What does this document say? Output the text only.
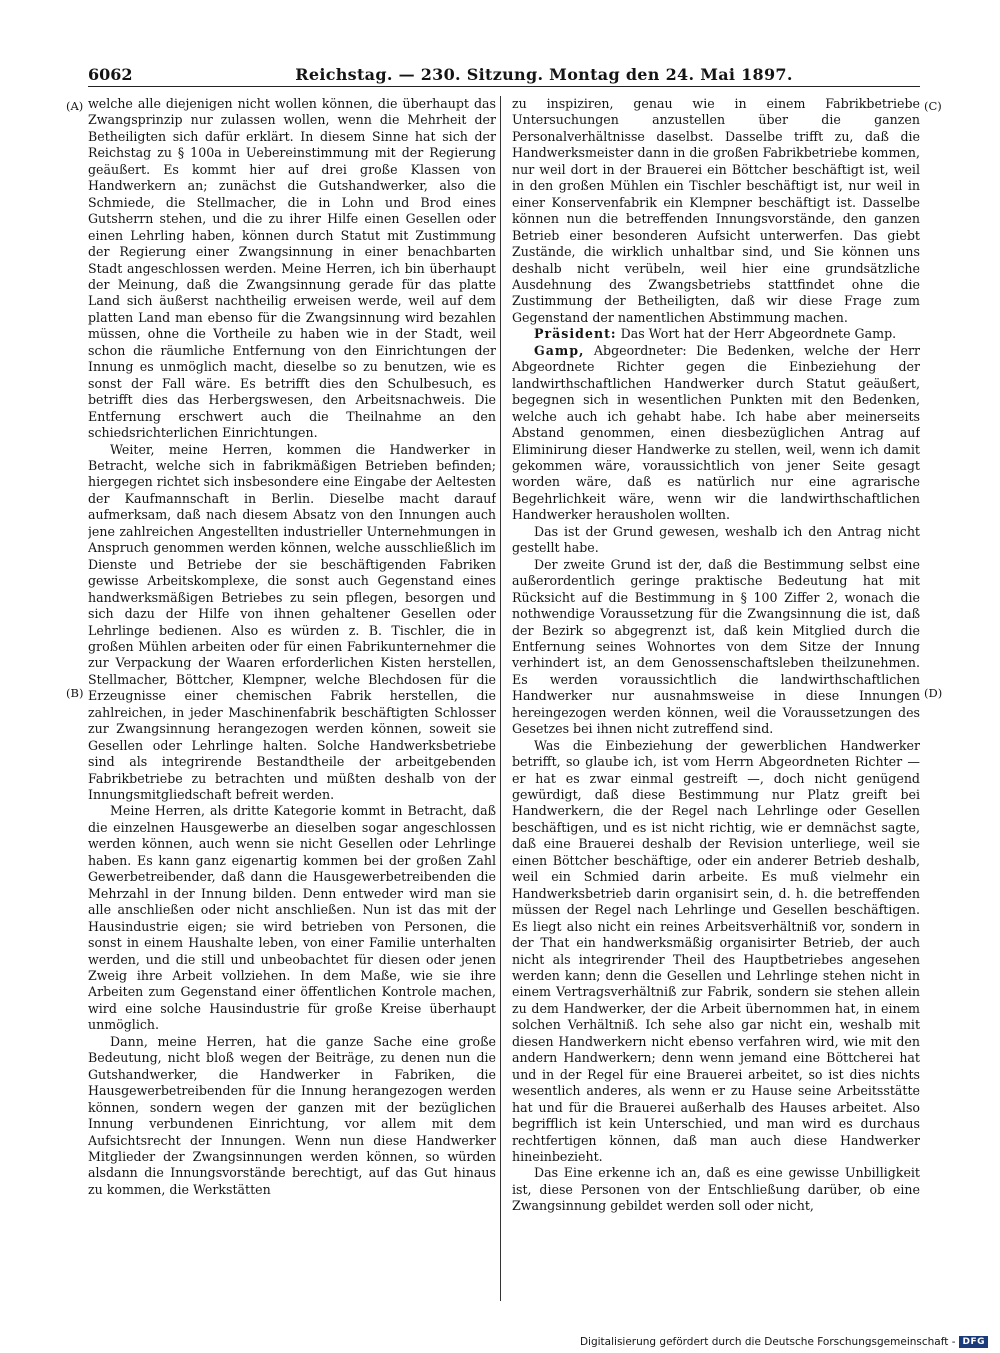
6062	Reichstag. — 230. Sitzung. Montag den 24. Mai 1897.
(A)
(B)
(C)
(D)

welche alle diejenigen nicht wollen können, die überhaupt das Zwangsprinzip nur zulassen wollen, wenn die Mehrheit der Betheiligten sich dafür erklärt. In diesem Sinne hat sich der Reichstag zu § 100a in Uebereinstimmung mit der Regierung geäußert. Es kommt hier auf drei große Klassen von Handwerkern an; zunächst die Gutshandwerker, also die Schmiede, die Stellmacher, die in Lohn und Brod eines Gutsherrn stehen, und die zu ihrer Hilfe einen Gesellen oder einen Lehrling haben, können durch Statut mit Zustimmung der Regierung einer Zwangsinnung in einer benachbarten Stadt angeschlossen werden. Meine Herren, ich bin überhaupt der Meinung, daß die Zwangsinnung gerade für das platte Land sich äußerst nachtheilig erweisen werde, weil auf dem platten Land man ebenso für die Zwangsinnung wird bezahlen müssen, ohne die Vortheile zu haben wie in der Stadt, weil schon die räumliche Entfernung von den Einrichtungen der Innung es unmöglich macht, dieselbe so zu benutzen, wie es sonst der Fall wäre. Es betrifft dies den Schulbesuch, es betrifft dies das Herbergswesen, den Arbeitsnachweis. Die Entfernung erschwert auch die Theilnahme an den schiedsrichterlichen Einrichtungen.

Weiter, meine Herren, kommen die Handwerker in Betracht, welche sich in fabrikmäßigen Betrieben befinden; hiergegen richtet sich insbesondere eine Eingabe der Aeltesten der Kaufmannschaft in Berlin. Dieselbe macht darauf aufmerksam, daß nach diesem Absatz von den Innungen auch jene zahlreichen Angestellten industrieller Unternehmungen in Anspruch genommen werden können, welche ausschließlich im Dienste und Betriebe der sie beschäftigenden Fabriken gewisse Arbeitskomplexe, die sonst auch Gegenstand eines handwerksmäßigen Betriebes zu sein pflegen, besorgen und sich dazu der Hilfe von ihnen gehaltener Gesellen oder Lehrlinge bedienen. Also es würden z. B. Tischler, die in großen Mühlen arbeiten oder für einen Fabrikunternehmer die zur Verpackung der Waaren erforderlichen Kisten herstellen, Stellmacher, Böttcher, Klempner, welche Blechdosen für die Erzeugnisse einer chemischen Fabrik herstellen, die zahlreichen, in jeder Maschinenfabrik beschäftigten Schlosser zur Zwangsinnung herangezogen werden können, soweit sie Gesellen oder Lehrlinge halten. Solche Handwerksbetriebe sind als integrirende Bestandtheile der arbeitgebenden Fabrikbetriebe zu betrachten und müßten deshalb von der Innungsmitgliedschaft befreit werden.

Meine Herren, als dritte Kategorie kommt in Betracht, daß die einzelnen Hausgewerbe an dieselben sogar angeschlossen werden können, auch wenn sie nicht Gesellen oder Lehrlinge haben. Es kann ganz eigenartig kommen bei der großen Zahl Gewerbetreibender, daß dann die Hausgewerbetreibenden die Mehrzahl in der Innung bilden. Denn entweder wird man sie alle anschließen oder nicht anschließen. Nun ist das mit der Hausindustrie eigen; sie wird betrieben von Personen, die sonst in einem Haushalte leben, von einer Familie unterhalten werden, und die still und unbeobachtet für diesen oder jenen Zweig ihre Arbeit vollziehen. In dem Maße, wie sie ihre Arbeiten zum Gegenstand einer öffentlichen Kontrole machen, wird eine solche Hausindustrie für große Kreise überhaupt unmöglich.

Dann, meine Herren, hat die ganze Sache eine große Bedeutung, nicht bloß wegen der Beiträge, zu denen nun die Gutshandwerker, die Handwerker in Fabriken, die Hausgewerbetreibenden für die Innung herangezogen werden können, sondern wegen der ganzen mit der bezüglichen Innung verbundenen Einrichtung, vor allem mit dem Aufsichtsrecht der Innungen. Wenn nun diese Handwerker Mitglieder der Zwangsinnungen werden können, so würden alsdann die Innungsvorstände berechtigt, auf das Gut hinaus zu kommen, die Werkstätten

zu inspiziren, genau wie in einem Fabrikbetriebe Untersuchungen anzustellen über die ganzen Personalverhältnisse daselbst. Dasselbe trifft zu, daß die Handwerksmeister dann in die großen Fabrikbetriebe kommen, nur weil dort in der Brauerei ein Böttcher beschäftigt ist, weil in den großen Mühlen ein Tischler beschäftigt ist, nur weil in einer Konservenfabrik ein Klempner beschäftigt ist. Dasselbe können nun die betreffenden Innungsvorstände, den ganzen Betrieb einer besonderen Aufsicht unterwerfen. Das giebt Zustände, die wirklich unhaltbar sind, und Sie können uns deshalb nicht verübeln, weil hier eine grundsätzliche Ausdehnung des Zwangsbetriebs stattfindet ohne die Zustimmung der Betheiligten, daß wir diese Frage zum Gegenstand der namentlichen Abstimmung machen.

Präsident: Das Wort hat der Herr Abgeordnete Gamp.

Gamp, Abgeordneter: Die Bedenken, welche der Herr Abgeordnete Richter gegen die Einbeziehung der landwirthschaftlichen Handwerker durch Statut geäußert, begegnen sich in wesentlichen Punkten mit den Bedenken, welche auch ich gehabt habe. Ich habe aber meinerseits Abstand genommen, einen diesbezüglichen Antrag auf Eliminirung dieser Handwerke zu stellen, weil, wenn ich damit gekommen wäre, voraussichtlich von jener Seite gesagt worden wäre, daß es natürlich nur eine agrarische Begehrlichkeit wäre, wenn wir die landwirthschaftlichen Handwerker herausholen wollten.

Das ist der Grund gewesen, weshalb ich den Antrag nicht gestellt habe.

Der zweite Grund ist der, daß die Bestimmung selbst eine außerordentlich geringe praktische Bedeutung hat mit Rücksicht auf die Bestimmung in § 100 Ziffer 2, wonach die nothwendige Voraussetzung für die Zwangsinnung die ist, daß der Bezirk so abgegrenzt ist, daß kein Mitglied durch die Entfernung seines Wohnortes von dem Sitze der Innung verhindert ist, an dem Genossenschaftsleben theilzunehmen. Es werden voraussichtlich die landwirthschaftlichen Handwerker nur ausnahmsweise in diese Innungen hereingezogen werden können, weil die Voraussetzungen des Gesetzes bei ihnen nicht zutreffend sind.

Was die Einbeziehung der gewerblichen Handwerker betrifft, so glaube ich, ist vom Herrn Abgeordneten Richter — er hat es zwar einmal gestreift —, doch nicht genügend gewürdigt, daß diese Bestimmung nur Platz greift bei Handwerkern, die der Regel nach Lehrlinge oder Gesellen beschäftigen, und es ist nicht richtig, wie er demnächst sagte, daß eine Brauerei deshalb der Revision unterliege, weil sie einen Böttcher beschäftige, oder ein anderer Betrieb deshalb, weil ein Schmied darin arbeite. Es muß vielmehr ein Handwerksbetrieb darin organisirt sein, d. h. die betreffenden müssen der Regel nach Lehrlinge und Gesellen beschäftigen. Es liegt also nicht ein reines Arbeitsverhältniß vor, sondern in der That ein handwerksmäßig organisirter Betrieb, der auch nicht als integrirender Theil des Hauptbetriebes angesehen werden kann; denn die Gesellen und Lehrlinge stehen nicht in einem Vertragsverhältniß zur Fabrik, sondern sie stehen allein zu dem Handwerker, der die Arbeit übernommen hat, in einem solchen Verhältniß. Ich sehe also gar nicht ein, weshalb mit diesen Handwerkern nicht ebenso verfahren wird, wie mit den andern Handwerkern; denn wenn jemand eine Böttcherei hat und in der Regel für eine Brauerei arbeitet, so ist dies nichts wesentlich anderes, als wenn er zu Hause seine Arbeitsstätte hat und für die Brauerei außerhalb des Hauses arbeitet. Also begrifflich ist kein Unterschied, und man wird es durchaus rechtfertigen können, daß man auch diese Handwerker hineinbezieht.

Das Eine erkenne ich an, daß es eine gewisse Unbilligkeit ist, diese Personen von der Entschließung darüber, ob eine Zwangsinnung gebildet werden soll oder nicht,

Digitalisierung gefördert durch die Deutsche Forschungsgemeinschaft - DFG
